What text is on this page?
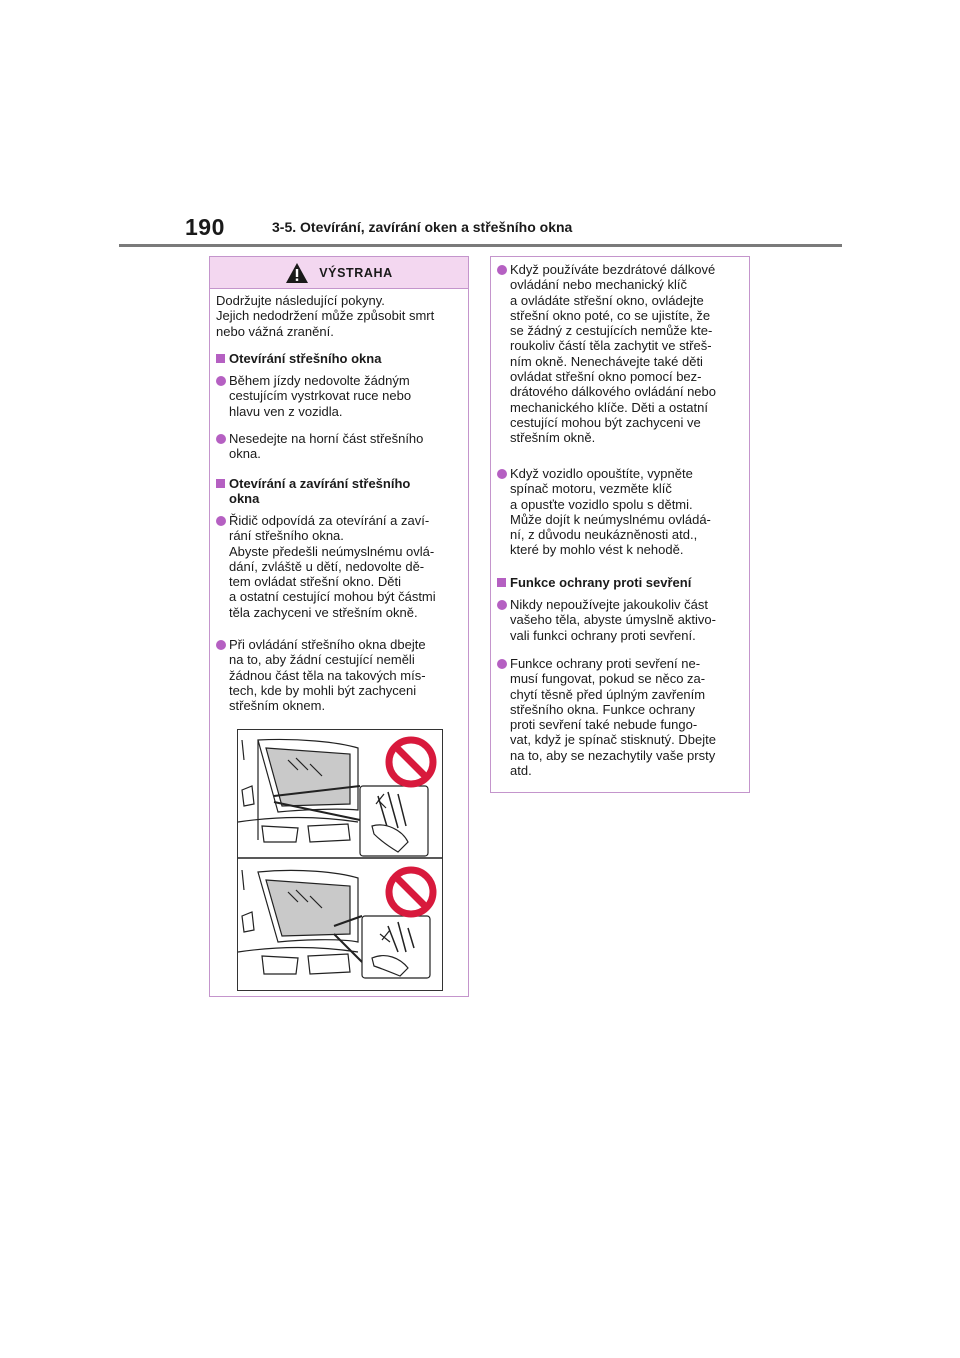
190	3-5. Otevírání, zavírání oken a střešního okna
VÝSTRAHA
Dodržujte následující pokyny.
Jejich nedodržení může způsobit smrt
nebo vážná zranění.
Otevírání střešního okna
Během jízdy nedovolte žádným
cestujícím vystrkovat ruce nebo
hlavu ven z vozidla.
Nesedejte na horní část střešního
okna.
Otevírání a zavírání střešního
okna
Řidič odpovídá za otevírání a zaví-
rání střešního okna.
Abyste předešli neúmyslnému ovlá-
dání, zvláště u dětí, nedovolte dě-
tem ovládat střešní okno. Děti
a ostatní cestující mohou být částmi
těla zachyceni ve střešním okně.
Při ovládání střešního okna dbejte
na to, aby žádní cestující neměli
žádnou část těla na takových mís-
tech, kde by mohli být zachyceni
střešním oknem.
Když používáte bezdrátové dálkové
ovládání nebo mechanický klíč
a ovládáte střešní okno, ovládejte
střešní okno poté, co se ujistíte, že
se žádný z cestujících nemůže kte-
roukoliv částí těla zachytit ve střeš-
ním okně. Nenechávejte také děti
ovládat střešní okno pomocí bez-
drátového dálkového ovládání nebo
mechanického klíče. Děti a ostatní
cestující mohou být zachyceni ve
střešním okně.
Když vozidlo opouštíte, vypněte
spínač motoru, vezměte klíč
a opusťte vozidlo spolu s dětmi.
Může dojít k neúmyslnému ovládá-
ní, z důvodu neukázněnosti atd.,
které by mohlo vést k nehodě.
Funkce ochrany proti sevření
Nikdy nepoužívejte jakoukoliv část
vašeho těla, abyste úmyslně aktivo-
vali funkci ochrany proti sevření.
Funkce ochrany proti sevření ne-
musí fungovat, pokud se něco za-
chytí těsně před úplným zavřením
střešního okna. Funkce ochrany
proti sevření také nebude fungo-
vat, když je spínač stisknutý. Dbejte
na to, aby se nezachytily vaše prsty
atd.
